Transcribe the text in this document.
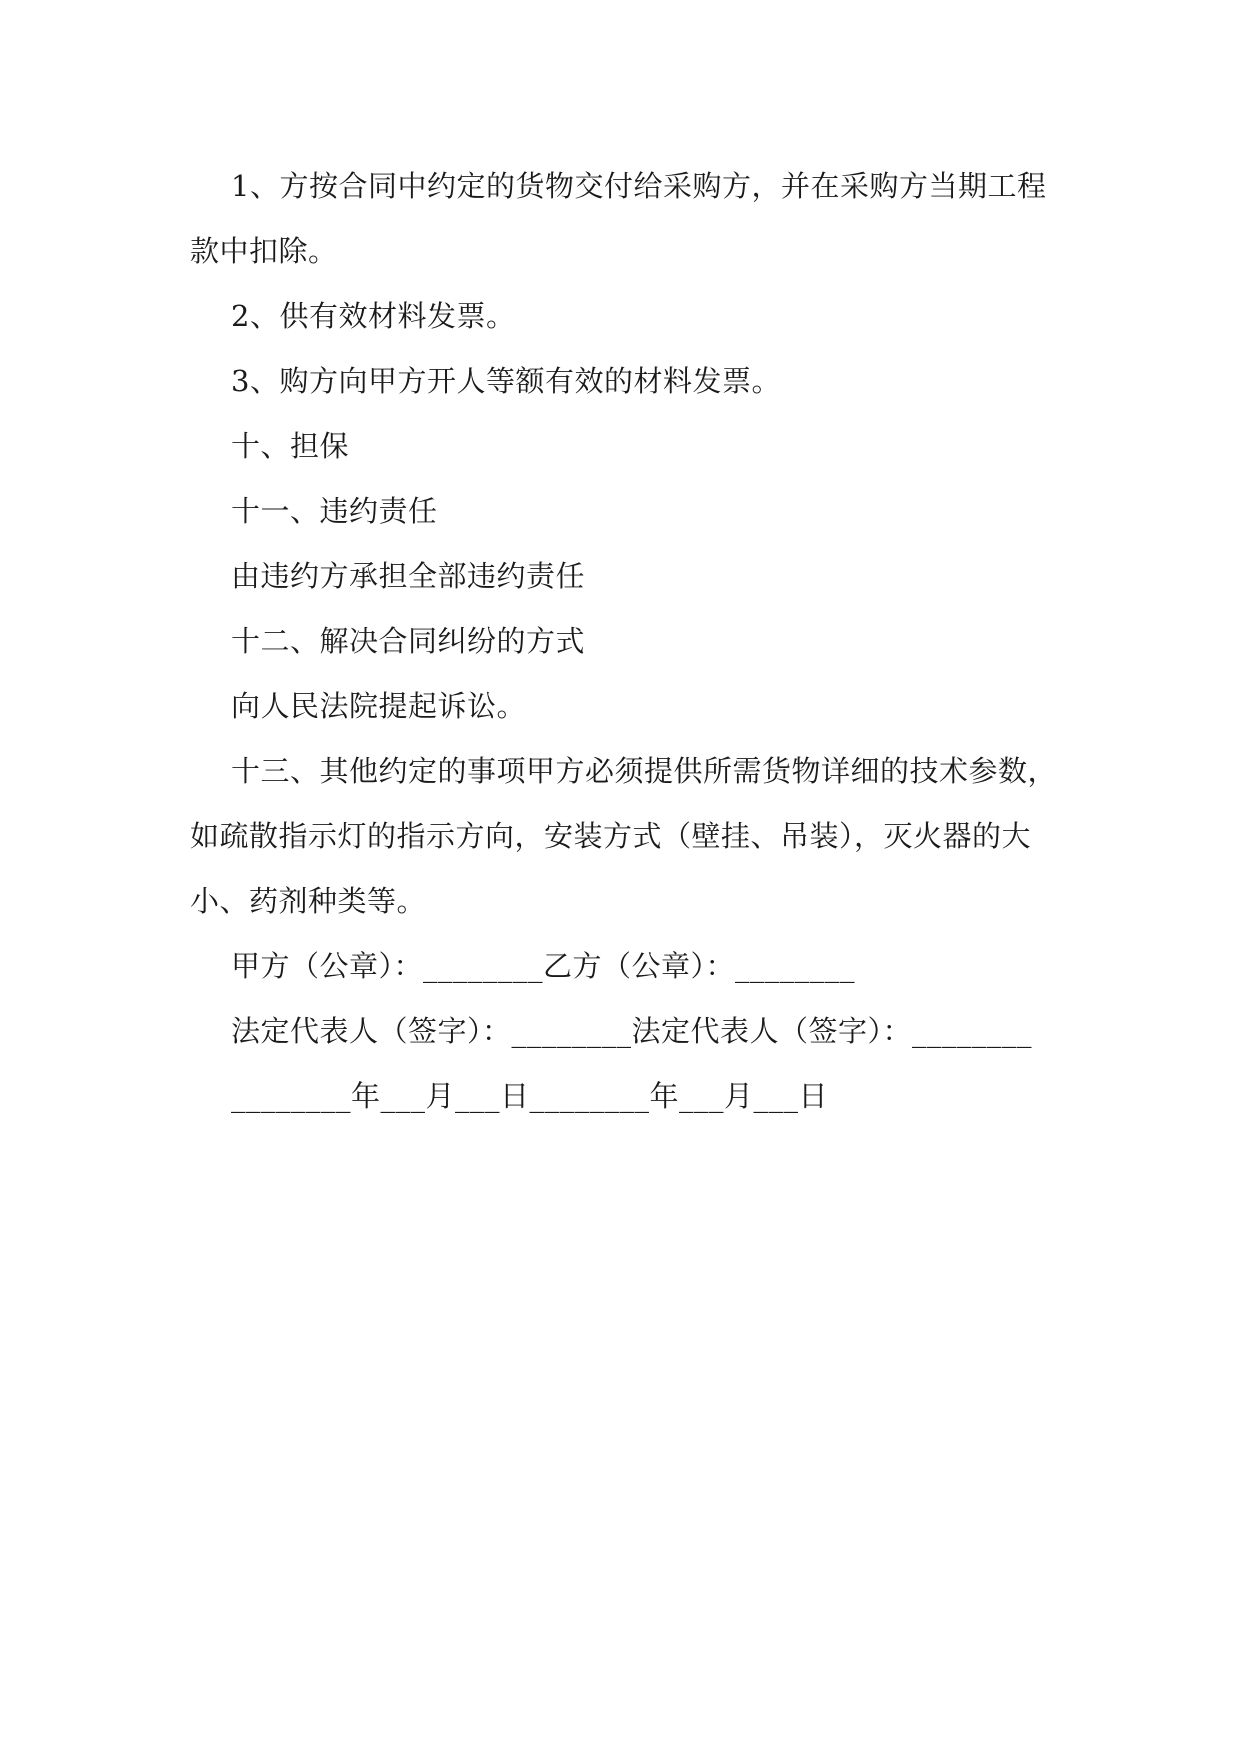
1、方按合同中约定的货物交付给采购方，并在采购方当期工程款中扣除。

2、供有效材料发票。

3、购方向甲方开人等额有效的材料发票。

十、担保

十一、违约责任

由违约方承担全部违约责任

十二、解决合同纠纷的方式

向人民法院提起诉讼。

十三、其他约定的事项甲方必须提供所需货物详细的技术参数，如疏散指示灯的指示方向，安装方式（壁挂、吊装），灭火器的大小、药剂种类等。

甲方（公章）：________乙方（公章）：________

法定代表人（签字）：________法定代表人（签字）：________

________年___月___日________年___月___日
